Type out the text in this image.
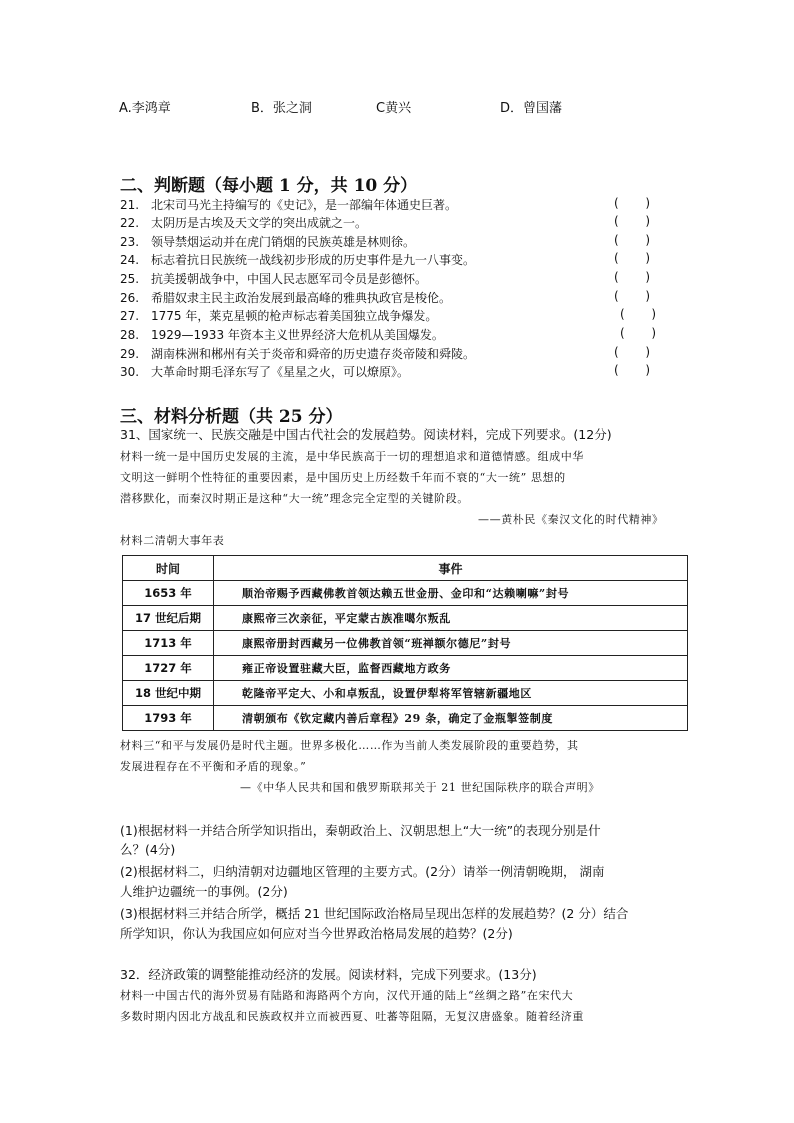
A.李鸿章	B．张之洞	C黄兴	D．曾国藩
二、判断题（每小题 1 分，共 10 分）
21. 北宋司马光主持编写的《史记》，是一部编年体通史巨著。	(       )
22. 太阴历是古埃及天文学的突出成就之一。	(       )
23. 领导禁烟运动并在虎门销烟的民族英雄是林则徐。	(       )
24. 标志着抗日民族统一战线初步形成的历史事件是九一八事变。	(       )
25. 抗美援朝战争中，中国人民志愿军司令员是彭德怀。	(       )
26. 希腊奴隶主民主政治发展到最高峰的雅典执政官是梭伦。	(       )
27. 1775 年，莱克星顿的枪声标志着美国独立战争爆发。	(       )
28. 1929—1933 年资本主义世界经济大危机从美国爆发。	(       )
29. 湖南株洲和郴州有关于炎帝和舜帝的历史遗存炎帝陵和舜陵。	(       )
30. 大革命时期毛泽东写了《星星之火，可以燎原》。	(       )
三、材料分析题（共 25 分）
31、国家统一、民族交融是中国古代社会的发展趋势。阅读材料，完成下列要求。(12分)
材料一统一是中国历史发展的主流，是中华民族高于一切的理想追求和道德情感。组成中华
文明这一鲜明个性特征的重要因素，是中国历史上历经数千年而不衰的“大一统” 思想的
潜移默化，而秦汉时期正是这种“大一统”理念完全定型的关键阶段。
——黄朴民《秦汉文化的时代精神》
材料二清朝大事年表
时间	事件
1653 年	顺治帝赐予西藏佛教首领达赖五世金册、金印和“达赖喇嘛”封号
17 世纪后期	康熙帝三次亲征，平定蒙古族准噶尔叛乱
1713 年	康熙帝册封西藏另一位佛教首领“班禅额尔德尼”封号
1727 年	雍正帝设置驻藏大臣，监督西藏地方政务
18 世纪中期	乾隆帝平定大、小和卓叛乱，设置伊犁将军管辖新疆地区
1793 年	清朝颁布《钦定藏内善后章程》29 条，确定了金瓶掣签制度
材料三“和平与发展仍是时代主题。世界多极化……作为当前人类发展阶段的重要趋势，其
发展进程存在不平衡和矛盾的现象。”
—《中华人民共和国和俄罗斯联邦关于 21 世纪国际秩序的联合声明》
(1)根据材料一并结合所学知识指出，秦朝政治上、汉朝思想上“大一统”的表现分别是什
么？(4分)
(2)根据材料二，归纳清朝对边疆地区管理的主要方式。(2分）请举一例清朝晚期， 湖南
人维护边疆统一的事例。(2分)
(3)根据材料三并结合所学，概括 21 世纪国际政治格局呈现出怎样的发展趋势？(2 分）结合
所学知识，你认为我国应如何应对当今世界政治格局发展的趋势？(2分)
32．经济政策的调整能推动经济的发展。阅读材料，完成下列要求。(13分)
材料一中国古代的海外贸易有陆路和海路两个方向，汉代开通的陆上“丝绸之路”在宋代大
多数时期内因北方战乱和民族政权并立而被西夏、吐蕃等阻隔，无复汉唐盛象。随着经济重
